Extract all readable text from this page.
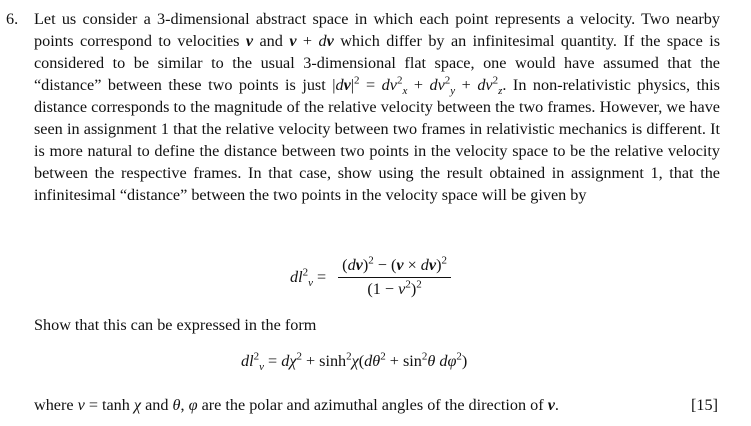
6. Let us consider a 3-dimensional abstract space in which each point represents a velocity. Two nearby points correspond to velocities v and v + dv which differ by an infinitesimal quantity. If the space is considered to be similar to the usual 3-dimensional flat space, one would have assumed that the “distance” between these two points is just $|dv|^2 = dv^2_x + dv^2_y + dv^2_z$. In non-relativistic physics, this distance corresponds to the magnitude of the relative velocity between the two frames. However, we have seen in assignment 1 that the relative velocity between two frames in relativistic mechanics is different. It is more natural to define the distance between two points in the velocity space to be the relative velocity between the respective frames. In that case, show using the result obtained in assignment 1, that the infinitesimal “distance” between the two points in the velocity space will be given by
$dl^2_v = \frac{(dv)^2 - (v \times dv)^2}{(1 - v^2)^2}$
Show that this can be expressed in the form
$dl^2_v = d\chi^2 + \sinh^2\chi(d\theta^2 + \sin^2\theta$ $d\varphi^2$)
where v = tanh χ and θ, φ are the polar and azimuthal angles of the direction of v.	[15]
